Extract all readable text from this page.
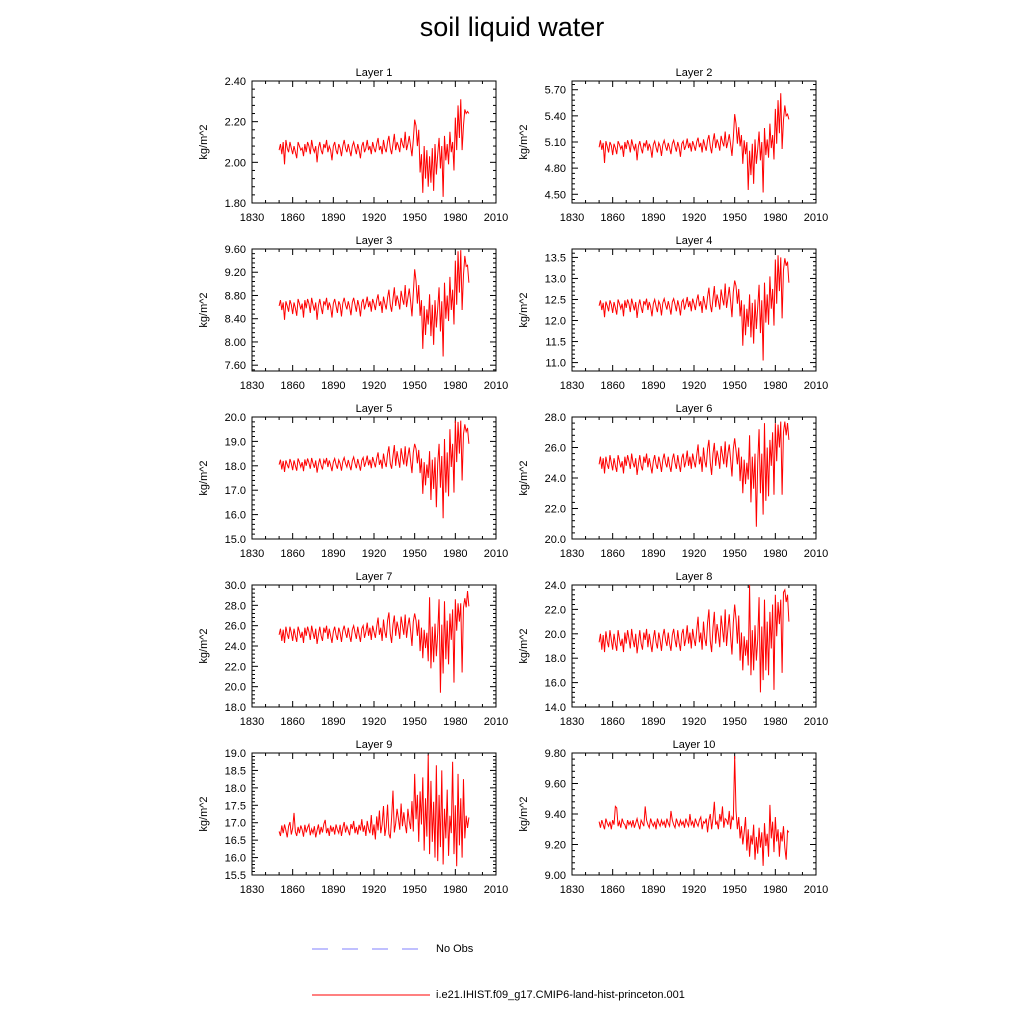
soil liquid water
Layer 1
kg/m^2
1830 1860 1890 1920 1950 1980 2010
1.80
2.00
2.20
2.40
Layer 2
kg/m^2
1830 1860 1890 1920 1950 1980 2010
4.50
4.80
5.10
5.40
5.70
Layer 3
kg/m^2
1830 1860 1890 1920 1950 1980 2010
7.60
8.00
8.40
8.80
9.20
9.60
Layer 4
kg/m^2
1830 1860 1890 1920 1950 1980 2010
11.0
11.5
12.0
12.5
13.0
13.5
Layer 5
kg/m^2
1830 1860 1890 1920 1950 1980 2010
15.0
16.0
17.0
18.0
19.0
20.0
Layer 6
kg/m^2
1830 1860 1890 1920 1950 1980 2010
20.0
22.0
24.0
26.0
28.0
Layer 7
kg/m^2
1830 1860 1890 1920 1950 1980 2010
18.0
20.0
22.0
24.0
26.0
28.0
30.0
Layer 8
kg/m^2
1830 1860 1890 1920 1950 1980 2010
14.0
16.0
18.0
20.0
22.0
24.0
Layer 9
kg/m^2
1830 1860 1890 1920 1950 1980 2010
15.5
16.0
16.5
17.0
17.5
18.0
18.5
19.0
Layer 10
kg/m^2
1830 1860 1890 1920 1950 1980 2010
9.00
9.20
9.40
9.60
9.80
No Obs
i.e21.IHIST.f09_g17.CMIP6-land-hist-princeton.001
